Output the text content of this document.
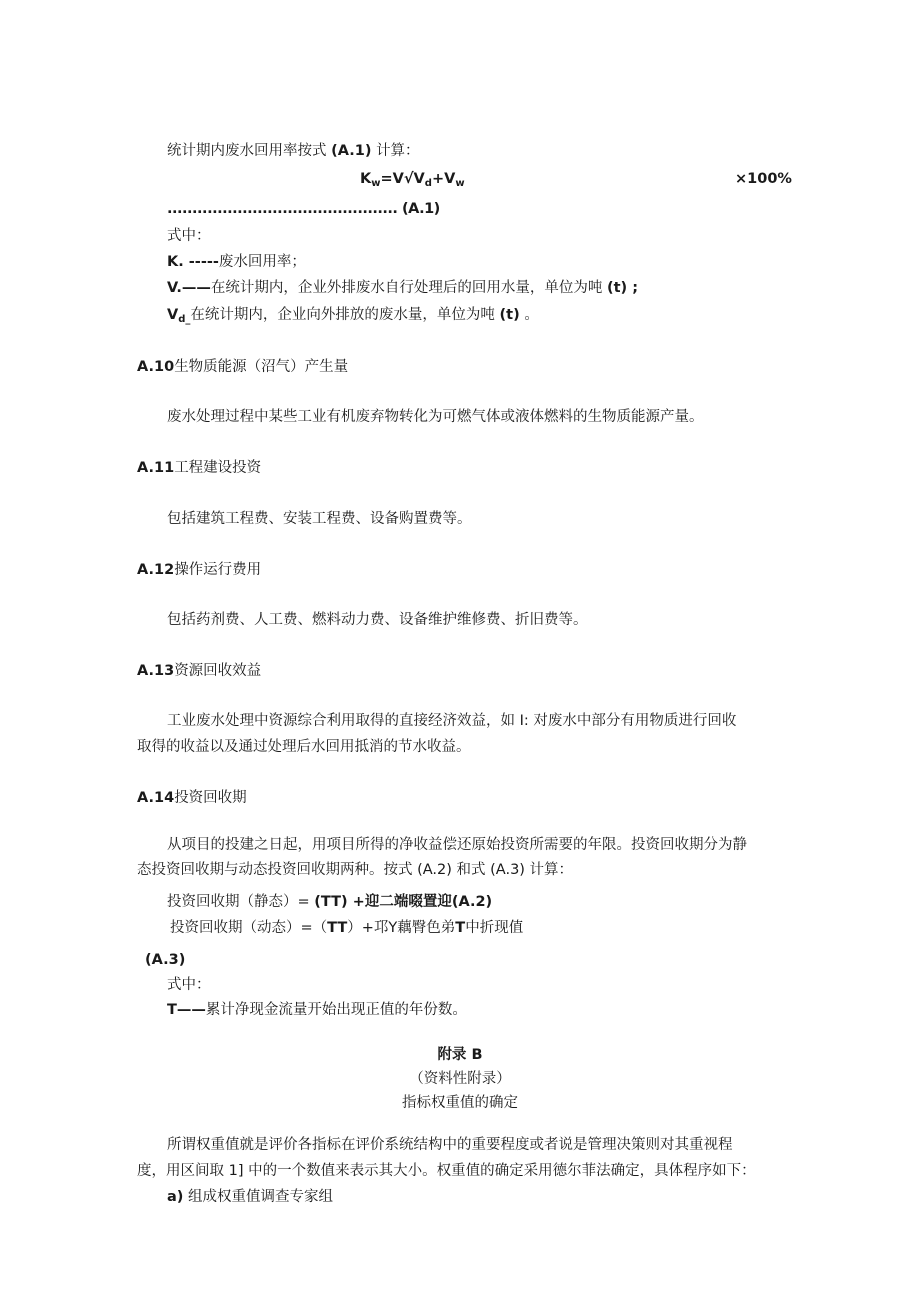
统计期内废水回用率按式 (A.1) 计算：
$K_w=V√V_d+V_w$	×100%
.............................................. (A.1)
式中：
K. -----废水回用率；
V.——在统计期内，企业外排废水自行处理后的回用水量，单位为吨 (t) ;
$V_{d\_}$在统计期内，企业向外排放的废水量，单位为吨 (t) 。
A.10生物质能源（沼气）产生量
废水处理过程中某些工业有机废弃物转化为可燃气体或液体燃料的生物质能源产量。
A.11工程建设投资
包括建筑工程费、安装工程费、设备购置费等。
A.12操作运行费用
包括药剂费、人工费、燃料动力费、设备维护维修费、折旧费等。
A.13资源回收效益
工业废水处理中资源综合利用取得的直接经济效益，如 I: 对废水中部分有用物质进行回收
取得的收益以及通过处理后水回用抵消的节水收益。
A.14投资回收期
从项目的投建之日起，用项目所得的净收益偿还原始投资所需要的年限。投资回收期分为静
态投资回收期与动态投资回收期两种。按式 (A.2) 和式 (A.3) 计算：
投资回收期（静态）= (TT) +迎二端啜置迎(A.2)
投资回收期（动态）=（TT）+邛Y藕臀色弟T中折现值
(A.3)
式中：
T——累计净现金流量开始出现正值的年份数。
附录 B
（资料性附录）
指标权重值的确定
所谓权重值就是评价各指标在评价系统结构中的重要程度或者说是管理决策则对其重视程
度，用区间取 1] 中的一个数值来表示其大小。权重值的确定采用德尔菲法确定，具体程序如下：
a) 组成权重值调查专家组
